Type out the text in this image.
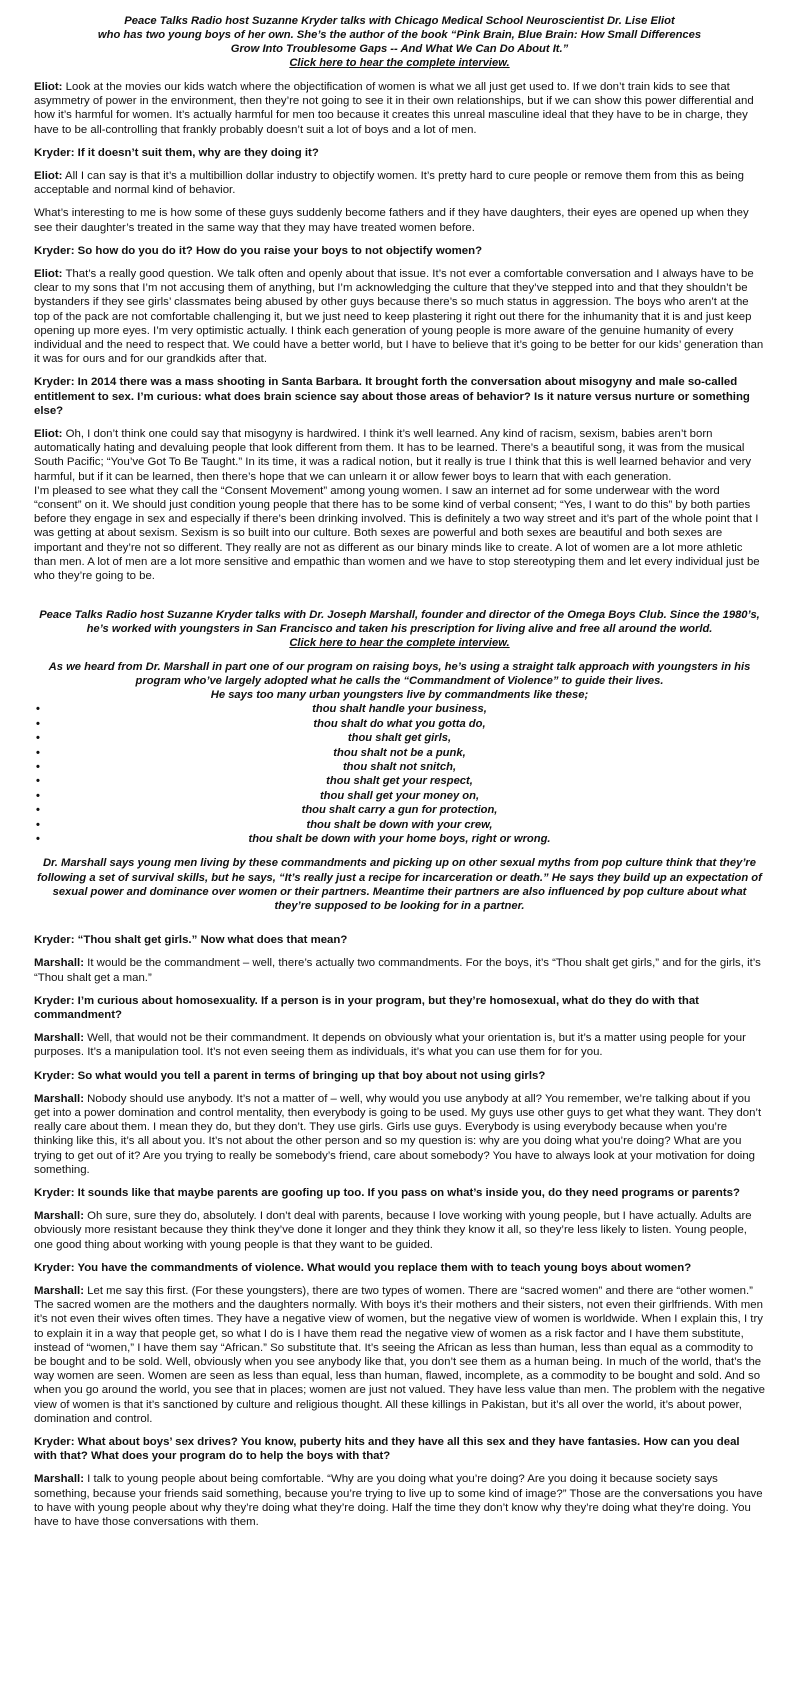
Peace Talks Radio host Suzanne Kryder talks with Chicago Medical School Neuroscientist Dr. Lise Eliot
who has two young boys of her own. She’s the author of the book “Pink Brain, Blue Brain: How Small Differences
Grow Into Troublesome Gaps -- And What We Can Do About It.”
Click here to hear the complete interview.

Eliot: Look at the movies our kids watch where the objectification of women is what we all just get used to. If we don’t train kids to see that asymmetry of power in the environment, then they’re not going to see it in their own relationships, but if we can show this power differential and how it’s harmful for women. It’s actually harmful for men too because it creates this unreal masculine ideal that they have to be in charge, they have to be all-controlling that frankly probably doesn’t suit a lot of boys and a lot of men.

Kryder: If it doesn’t suit them, why are they doing it?

Eliot: All I can say is that it’s a multibillion dollar industry to objectify women. It’s pretty hard to cure people or remove them from this as being acceptable and normal kind of behavior.

What’s interesting to me is how some of these guys suddenly become fathers and if they have daughters, their eyes are opened up when they see their daughter’s treated in the same way that they may have treated women before.

Kryder: So how do you do it? How do you raise your boys to not objectify women?

Eliot: That’s a really good question. We talk often and openly about that issue. It’s not ever a comfortable conversation and I always have to be clear to my sons that I’m not accusing them of anything, but I’m acknowledging the culture that they’ve stepped into and that they shouldn’t be bystanders if they see girls’ classmates being abused by other guys because there’s so much status in aggression. The boys who aren’t at the top of the pack are not comfortable challenging it, but we just need to keep plastering it right out there for the inhumanity that it is and just keep opening up more eyes. I’m very optimistic actually. I think each generation of young people is more aware of the genuine humanity of every individual and the need to respect that. We could have a better world, but I have to believe that it’s going to be better for our kids’ generation than it was for ours and for our grandkids after that.

Kryder: In 2014 there was a mass shooting in Santa Barbara. It brought forth the conversation about misogyny and male so-called entitlement to sex. I’m curious: what does brain science say about those areas of behavior? Is it nature versus nurture or something else?

Eliot: Oh, I don’t think one could say that misogyny is hardwired. I think it’s well learned. Any kind of racism, sexism, babies aren’t born automatically hating and devaluing people that look different from them. It has to be learned. There’s a beautiful song, it was from the musical South Pacific; “You’ve Got To Be Taught.” In its time, it was a radical notion, but it really is true I think that this is well learned behavior and very harmful, but if it can be learned, then there’s hope that we can unlearn it or allow fewer boys to learn that with each generation.

I’m pleased to see what they call the “Consent Movement” among young women. I saw an internet ad for some underwear with the word “consent” on it. We should just condition young people that there has to be some kind of verbal consent; “Yes, I want to do this” by both parties before they engage in sex and especially if there’s been drinking involved. This is definitely a two way street and it’s part of the whole point that I was getting at about sexism. Sexism is so built into our culture. Both sexes are powerful and both sexes are beautiful and both sexes are important and they’re not so different. They really are not as different as our binary minds like to create. A lot of women are a lot more athletic than men. A lot of men are a lot more sensitive and empathic than women and we have to stop stereotyping them and let every individual just be who they’re going to be.

Peace Talks Radio host Suzanne Kryder talks with Dr. Joseph Marshall, founder and director of the Omega Boys Club. Since the 1980’s,
he’s worked with youngsters in San Francisco and taken his prescription for living alive and free all around the world.
Click here to hear the complete interview.
As we heard from Dr. Marshall in part one of our program on raising boys, he’s using a straight talk approach with youngsters in his
program who’ve largely adopted what he calls the “Commandment of Violence” to guide their lives.
He says too many urban youngsters live by commandments like these;
•	thou shalt handle your business,
•	thou shalt do what you gotta do,
•	thou shalt get girls,
•	thou shalt not be a punk,
•	thou shalt not snitch,
•	thou shalt get your respect,
•	thou shall get your money on,
•	thou shalt carry a gun for protection,
•	thou shalt be down with your crew,
•	thou shalt be down with your home boys, right or wrong.
Dr. Marshall says young men living by these commandments and picking up on other sexual myths from pop culture think that they’re following a set of survival skills, but he says, “It’s really just a recipe for incarceration or death.” He says they build up an expectation of sexual power and dominance over women or their partners. Meantime their partners are also influenced by pop culture about what they’re supposed to be looking for in a partner.

Kryder: “Thou shalt get girls.” Now what does that mean?

Marshall: It would be the commandment – well, there’s actually two commandments. For the boys, it’s “Thou shalt get girls,” and for the girls, it’s “Thou shalt get a man.”

Kryder: I’m curious about homosexuality. If a person is in your program, but they’re homosexual, what do they do with that commandment?

Marshall: Well, that would not be their commandment. It depends on obviously what your orientation is, but it’s a matter using people for your purposes. It’s a manipulation tool. It’s not even seeing them as individuals, it’s what you can use them for for you.

Kryder: So what would you tell a parent in terms of bringing up that boy about not using girls?

Marshall: Nobody should use anybody. It’s not a matter of – well, why would you use anybody at all? You remember, we’re talking about if you get into a power domination and control mentality, then everybody is going to be used. My guys use other guys to get what they want. They don’t really care about them. I mean they do, but they don’t. They use girls. Girls use guys. Everybody is using everybody because when you’re thinking like this, it’s all about you. It’s not about the other person and so my question is: why are you doing what you’re doing? What are you trying to get out of it? Are you trying to really be somebody’s friend, care about somebody? You have to always look at your motivation for doing something.

Kryder: It sounds like that maybe parents are goofing up too. If you pass on what’s inside you, do they need programs or parents?

Marshall: Oh sure, sure they do, absolutely. I don’t deal with parents, because I love working with young people, but I have actually. Adults are obviously more resistant because they think they’ve done it longer and they think they know it all, so they’re less likely to listen. Young people, one good thing about working with young people is that they want to be guided.

Kryder: You have the commandments of violence. What would you replace them with to teach young boys about women?

Marshall: Let me say this first. (For these youngsters), there are two types of women. There are “sacred women” and there are “other women.” The sacred women are the mothers and the daughters normally. With boys it’s their mothers and their sisters, not even their girlfriends. With men it’s not even their wives often times. They have a negative view of women, but the negative view of women is worldwide. When I explain this, I try to explain it in a way that people get, so what I do is I have them read the negative view of women as a risk factor and I have them substitute, instead of “women,” I have them say “African.” So substitute that. It’s seeing the African as less than human, less than equal as a commodity to be bought and to be sold. Well, obviously when you see anybody like that, you don’t see them as a human being. In much of the world, that’s the way women are seen. Women are seen as less than equal, less than human, flawed, incomplete, as a commodity to be bought and sold. And so when you go around the world, you see that in places; women are just not valued. They have less value than men. The problem with the negative view of women is that it’s sanctioned by culture and religious thought. All these killings in Pakistan, but it’s all over the world, it’s about power, domination and control.

Kryder: What about boys’ sex drives? You know, puberty hits and they have all this sex and they have fantasies. How can you deal with that? What does your program do to help the boys with that?

Marshall: I talk to young people about being comfortable. “Why are you doing what you’re doing? Are you doing it because society says something, because your friends said something, because you’re trying to live up to some kind of image?” Those are the conversations you have to have with young people about why they’re doing what they’re doing. Half the time they don’t know why they’re doing what they’re doing. You have to have those conversations with them.
